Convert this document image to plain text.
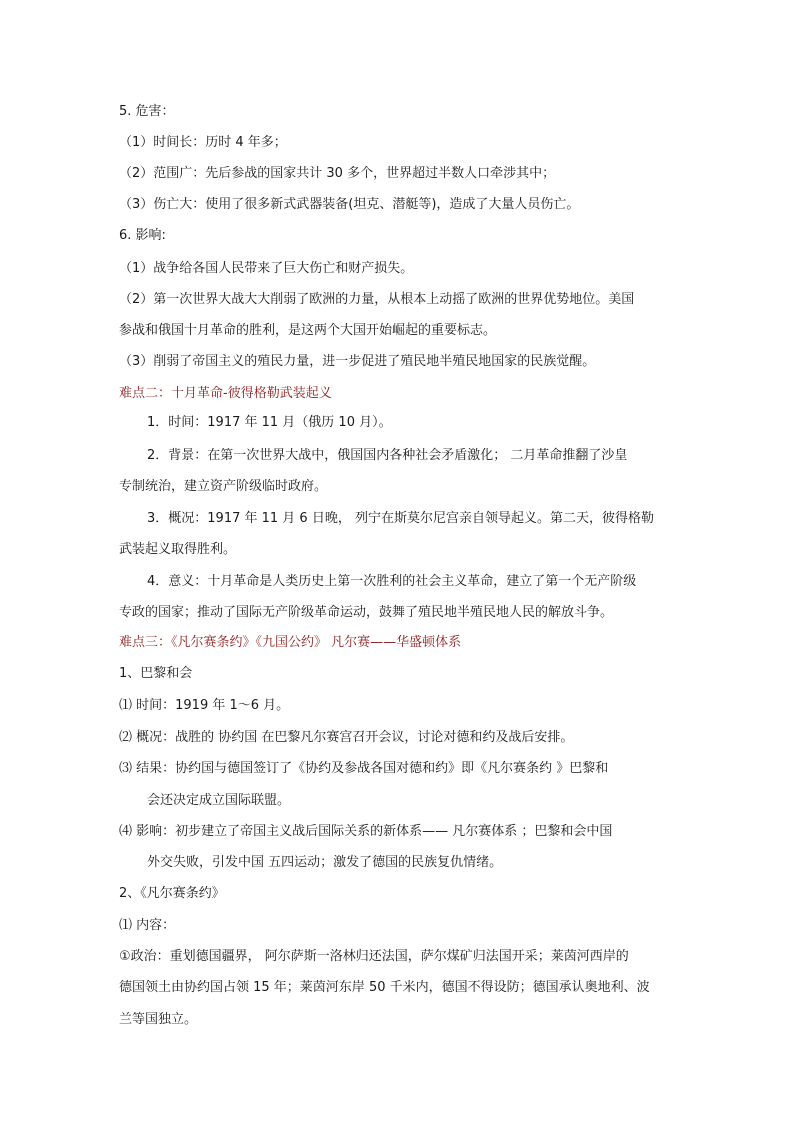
5. 危害：
（1）时间长：历时 4 年多；
（2）范围广：先后参战的国家共计 30 多个，世界超过半数人口牵涉其中；
（3）伤亡大：使用了很多新式武器装备(坦克、潜艇等)，造成了大量人员伤亡。
6. 影响:
（1）战争给各国人民带来了巨大伤亡和财产损失。
（2）第一次世界大战大大削弱了欧洲的力量，从根本上动摇了欧洲的世界优势地位。美国
参战和俄国十月革命的胜利，是这两个大国开始崛起的重要标志。
（3）削弱了帝国主义的殖民力量，进一步促进了殖民地半殖民地国家的民族觉醒。
难点二：十月革命-彼得格勒武装起义
1．时间：1917 年 11 月（俄历 10 月）。
2．背景：在第一次世界大战中，俄国国内各种社会矛盾激化； 二月革命推翻了沙皇
专制统治，建立资产阶级临时政府。
3．概况：1917 年 11 月 6 日晚， 列宁在斯莫尔尼宫亲自领导起义。第二天，彼得格勒
武装起义取得胜利。
4．意义：十月革命是人类历史上第一次胜利的社会主义革命，建立了第一个无产阶级
专政的国家；推动了国际无产阶级革命运动，鼓舞了殖民地半殖民地人民的解放斗争。
难点三：《凡尔赛条约》《九国公约》 凡尔赛——华盛顿体系
1、巴黎和会
⑴ 时间：1919 年 1～6 月。
⑵ 概况：战胜的 协约国 在巴黎凡尔赛宫召开会议，讨论对德和约及战后安排。
⑶ 结果：协约国与德国签订了《协约及参战各国对德和约》即《凡尔赛条约 》巴黎和
会还决定成立国际联盟。
⑷ 影响：初步建立了帝国主义战后国际关系的新体系—— 凡尔赛体系 ；巴黎和会中国
外交失败，引发中国 五四运动；激发了德国的民族复仇情绪。
2、《凡尔赛条约》
⑴ 内容：
①政治：重划德国疆界， 阿尔萨斯一洛林归还法国，萨尔煤矿归法国开采；莱茵河西岸的
德国领土由协约国占领 15 年；莱茵河东岸 50 千米内，德国不得设防；德国承认奥地利、波
兰等国独立。
